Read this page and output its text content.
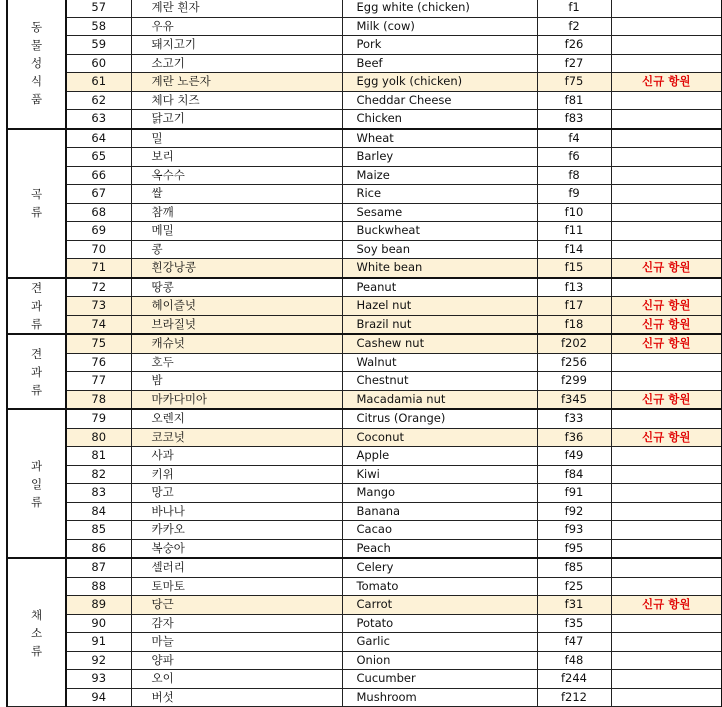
동
물
성
식
품	57	계란 흰자	Egg white (chicken)	f1	
	58	우유	Milk (cow)	f2	
	59	돼지고기	Pork	f26	
	60	소고기	Beef	f27	
	61	계란 노른자	Egg yolk (chicken)	f75	신규 항원
	62	체다 치즈	Cheddar Cheese	f81	
	63	닭고기	Chicken	f83	
곡
류	64	밀	Wheat	f4	
	65	보리	Barley	f6	
	66	옥수수	Maize	f8	
	67	쌀	Rice	f9	
	68	참깨	Sesame	f10	
	69	메밀	Buckwheat	f11	
	70	콩	Soy bean	f14	
	71	흰강낭콩	White bean	f15	신규 항원
견
과
류	72	땅콩	Peanut	f13	
	73	헤이즐넛	Hazel nut	f17	신규 항원
	74	브라질넛	Brazil nut	f18	신규 항원
견
과
류	75	캐슈넛	Cashew nut	f202	신규 항원
	76	호두	Walnut	f256	
	77	밤	Chestnut	f299	
	78	마카다미아	Macadamia nut	f345	신규 항원
과
일
류	79	오렌지	Citrus (Orange)	f33	
	80	코코넛	Coconut	f36	신규 항원
	81	사과	Apple	f49	
	82	키위	Kiwi	f84	
	83	망고	Mango	f91	
	84	바나나	Banana	f92	
	85	카카오	Cacao	f93	
	86	복숭아	Peach	f95	
채
소
류	87	셀러리	Celery	f85	
	88	토마토	Tomato	f25	
	89	당근	Carrot	f31	신규 항원
	90	감자	Potato	f35	
	91	마늘	Garlic	f47	
	92	양파	Onion	f48	
	93	오이	Cucumber	f244	
	94	버섯	Mushroom	f212	
